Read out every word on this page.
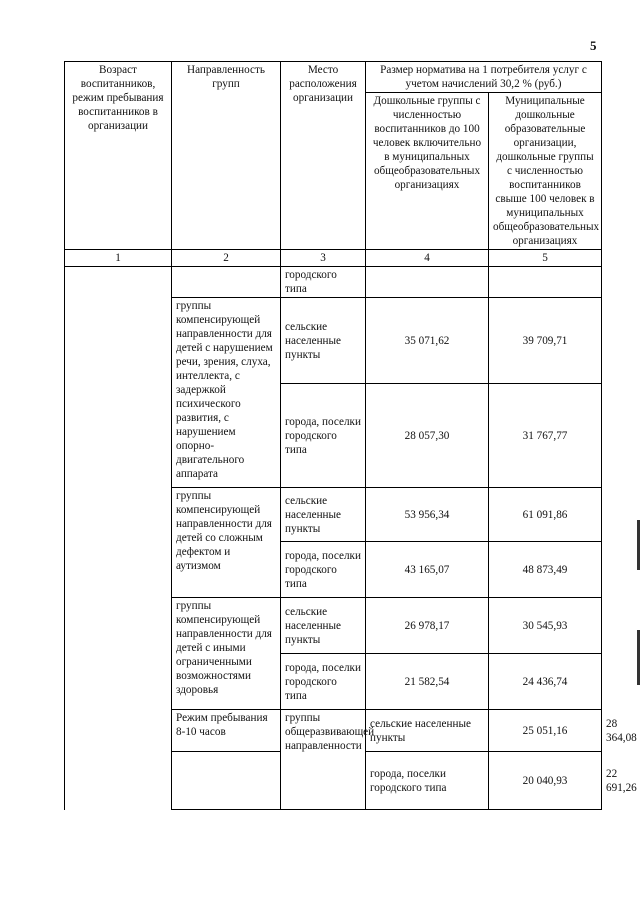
5
Возраст воспитанников, режим пребывания воспитанников в организации	Направленность групп	Место расположения организации	Размер норматива на 1 потребителя услуг с учетом начислений 30,2 % (руб.)		
			Дошкольные группы с численностью воспитанников до 100 человек включительно в муниципальных общеобразовательных организациях	Муниципальные дошкольные образовательные организации, дошкольные группы с численностью воспитанников свыше 100 человек в муниципальных общеобразовательных организациях	
1	2	3	4	5	
		городского типа			
	группы компенсирующей направленности для детей с нарушением речи, зрения, слуха, интеллекта, с задержкой психического развития, с нарушением опорно-двигательного аппарата	сельские населенные пункты	35 071,62	39 709,71	
		города, поселки городского типа	28 057,30	31 767,77	
	группы компенсирующей направленности для детей со сложным дефектом и аутизмом	сельские населенные пункты	53 956,34	61 091,86	
		города, поселки городского типа	43 165,07	48 873,49	
	группы компенсирующей направленности для детей с иными ограниченными возможностями здоровья	сельские населенные пункты	26 978,17	30 545,93	
		города, поселки городского типа	21 582,54	24 436,74	
	Режим пребывания 8-10 часов	группы общеразвивающей направленности	сельские населенные пункты	25 051,16	28 364,08
			города, поселки городского типа	20 040,93	22 691,26
